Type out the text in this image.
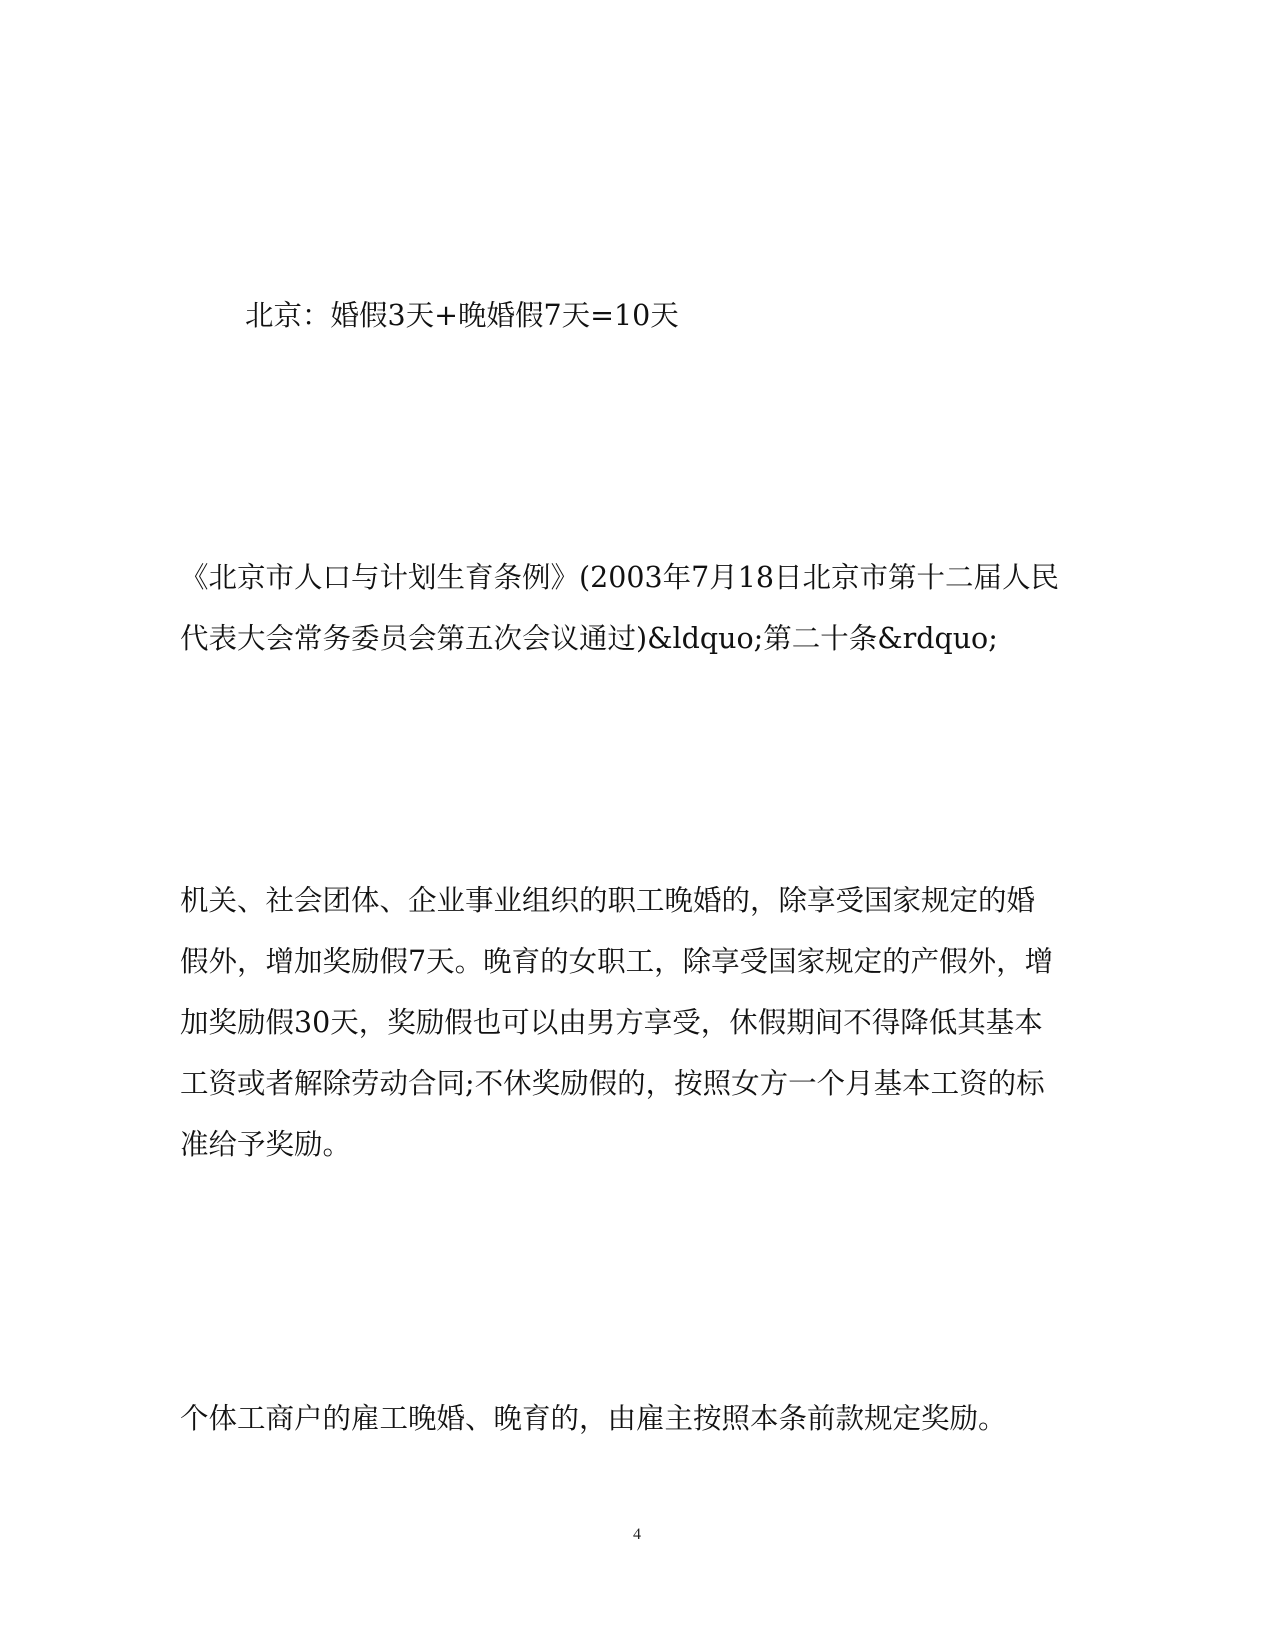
北京：婚假3天+晚婚假7天=10天

《北京市人口与计划生育条例》(2003年7月18日北京市第十二届人民
代表大会常务委员会第五次会议通过)&ldquo;第二十条&rdquo;

机关、社会团体、企业事业组织的职工晚婚的，除享受国家规定的婚
假外，增加奖励假7天。晚育的女职工，除享受国家规定的产假外，增
加奖励假30天，奖励假也可以由男方享受，休假期间不得降低其基本
工资或者解除劳动合同;不休奖励假的，按照女方一个月基本工资的标
准给予奖励。

个体工商户的雇工晚婚、晚育的，由雇主按照本条前款规定奖励。

4
